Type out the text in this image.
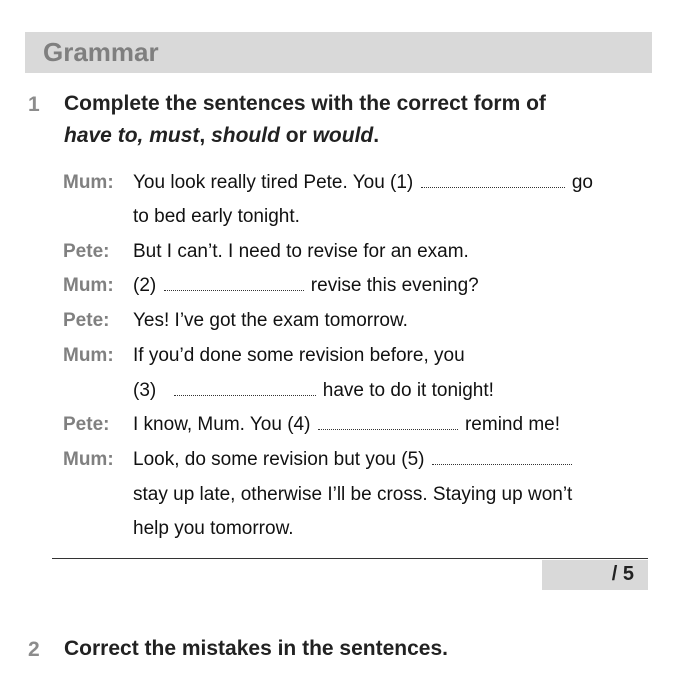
Grammar
1 Complete the sentences with the correct form of
have to, must, should or would.
Mum: You look really tired Pete. You (1)	go
to bed early tonight.
Pete: But I can’t. I need to revise for an exam.
Mum: (2)	revise this evening?
Pete: Yes! I’ve got the exam tomorrow.
Mum: If you’d done some revision before, you
(3)	have to do it tonight!
Pete: I know, Mum. You (4)	remind me!
Mum: Look, do some revision but you (5)
stay up late, otherwise I’ll be cross. Staying up won’t
help you tomorrow.
/ 5
2 Correct the mistakes in the sentences.
